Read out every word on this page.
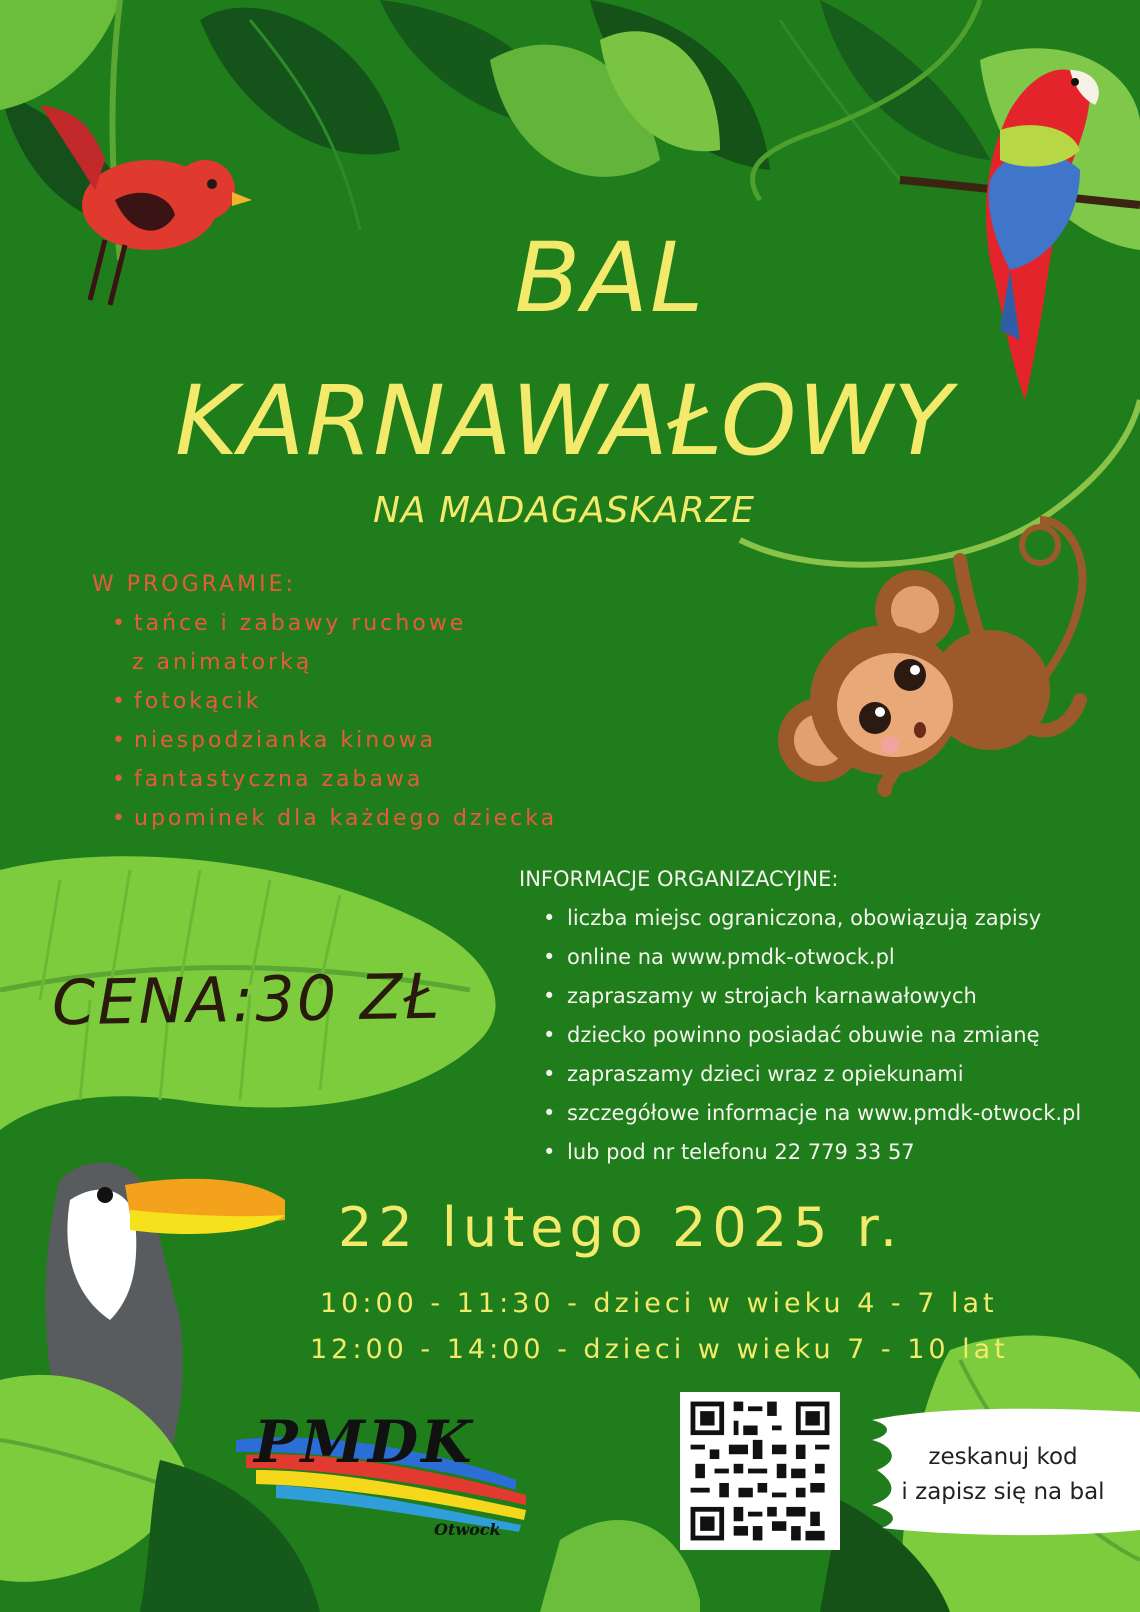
BAL
KARNAWAŁOWY
NA MADAGASKARZE
W PROGRAMIE:
• tańce i zabawy ruchowe
z animatorką
• fotokącik
• niespodzianka kinowa
• fantastyczna zabawa
• upominek dla każdego dziecka
INFORMACJE ORGANIZACYJNE:
• liczba miejsc ograniczona, obowiązują zapisy
• online na www.pmdk-otwock.pl
• zapraszamy w strojach karnawałowych
• dziecko powinno posiadać obuwie na zmianę
• zapraszamy dzieci wraz z opiekunami
• szczegółowe informacje na www.pmdk-otwock.pl
• lub pod nr telefonu 22 779 33 57
CENA:30 ZŁ
22 lutego 2025 r.
10:00 - 11:30 - dzieci w wieku 4 - 7 lat
12:00 - 14:00 - dzieci w wieku 7 - 10 lat
PMDK
Otwock
zeskanuj kod
i zapisz się na bal
